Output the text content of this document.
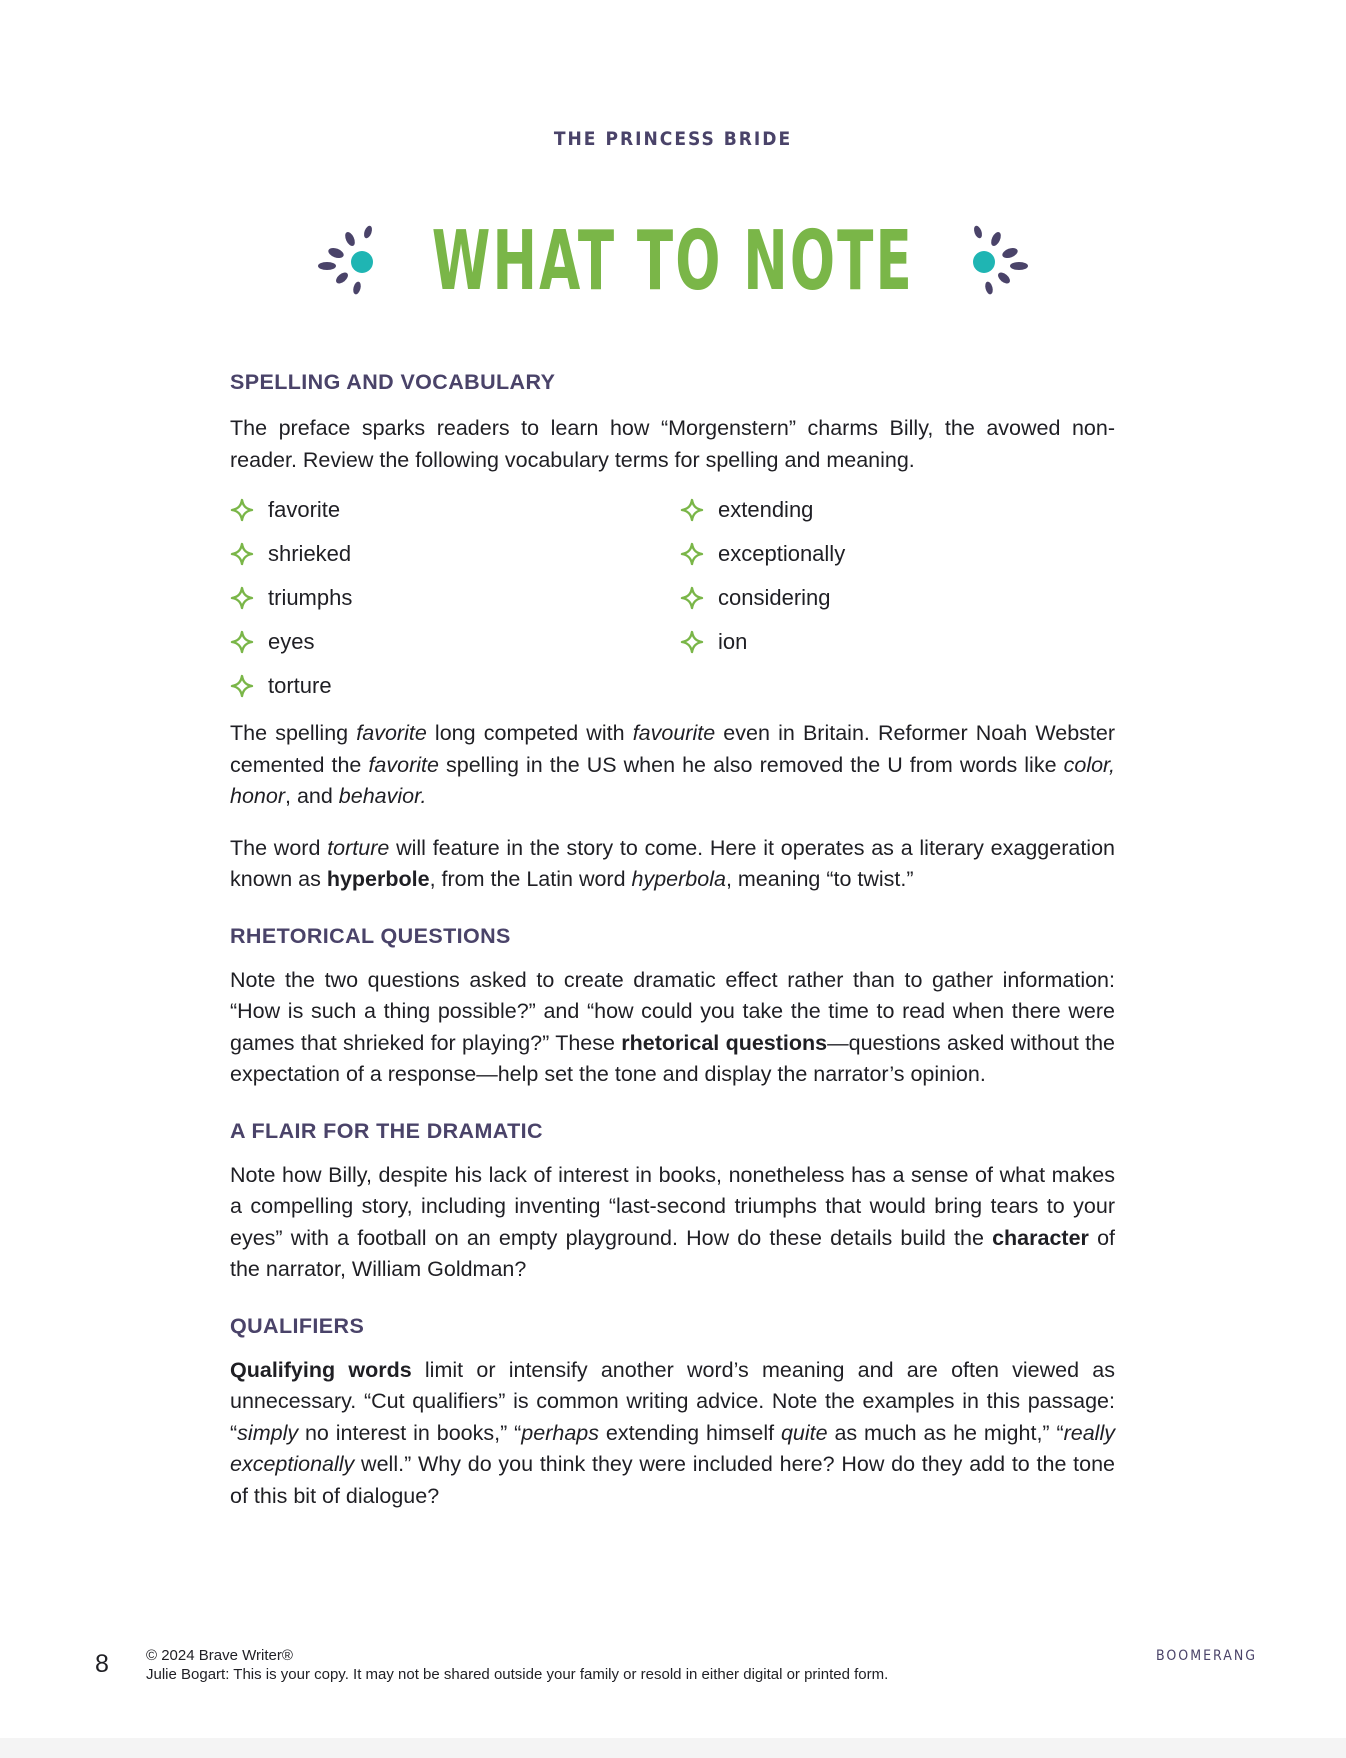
THE PRINCESS BRIDE
WHAT TO NOTE
SPELLING AND VOCABULARY

The preface sparks readers to learn how “Morgenstern” charms Billy, the avowed non-reader. Review the following vocabulary terms for spelling and meaning.

favorite
shrieked
triumphs
eyes
torture
extending
exceptionally
considering
ion

The spelling favorite long competed with favourite even in Britain. Reformer Noah Webster cemented the favorite spelling in the US when he also removed the U from words like color, honor, and behavior.

The word torture will feature in the story to come. Here it operates as a literary exaggeration known as hyperbole, from the Latin word hyperbola, meaning “to twist.”

RHETORICAL QUESTIONS

Note the two questions asked to create dramatic effect rather than to gather information: “How is such a thing possible?” and “how could you take the time to read when there were games that shrieked for playing?” These rhetorical questions—questions asked without the expectation of a response—help set the tone and display the narrator’s opinion.

A FLAIR FOR THE DRAMATIC

Note how Billy, despite his lack of interest in books, nonetheless has a sense of what makes a compelling story, including inventing “last-second triumphs that would bring tears to your eyes” with a football on an empty playground. How do these details build the character of the narrator, William Goldman?

QUALIFIERS

Qualifying words limit or intensify another word’s meaning and are often viewed as unnecessary. “Cut qualifiers” is common writing advice. Note the examples in this passage: “simply no interest in books,” “perhaps extending himself quite as much as he might,” “really exceptionally well.” Why do you think they were included here? How do they add to the tone of this bit of dialogue?

8 © 2024 Brave Writer®
Julie Bogart: This is your copy. It may not be shared outside your family or resold in either digital or printed form.
BOOMERANG
